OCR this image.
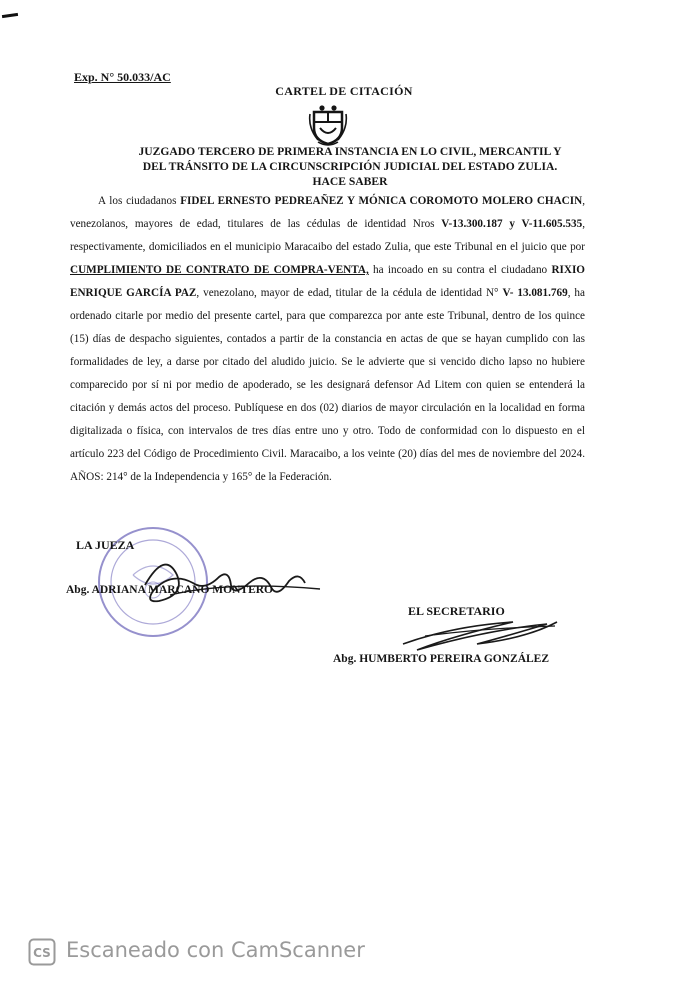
Exp. N° 50.033/AC
CARTEL DE CITACIÓN
JUZGADO TERCERO DE PRIMERA INSTANCIA EN LO CIVIL, MERCANTIL Y
DEL TRÁNSITO DE LA CIRCUNSCRIPCIÓN JUDICIAL DEL ESTADO ZULIA.
HACE SABER
A los ciudadanos FIDEL ERNESTO PEDREAÑEZ Y MÓNICA COROMOTO MOLERO CHACIN, venezolanos, mayores de edad, titulares de las cédulas de identidad Nros V-13.300.187 y V-11.605.535, respectivamente, domiciliados en el municipio Maracaibo del estado Zulia, que este Tribunal en el juicio que por CUMPLIMIENTO DE CONTRATO DE COMPRA-VENTA, ha incoado en su contra el ciudadano RIXIO ENRIQUE GARCÍA PAZ, venezolano, mayor de edad, titular de la cédula de identidad N° V- 13.081.769, ha ordenado citarle por medio del presente cartel, para que comparezca por ante este Tribunal, dentro de los quince (15) días de despacho siguientes, contados a partir de la constancia en actas de que se hayan cumplido con las formalidades de ley, a darse por citado del aludido juicio. Se le advierte que si vencido dicho lapso no hubiere comparecido por sí ni por medio de apoderado, se les designará defensor Ad Litem con quien se entenderá la citación y demás actos del proceso. Publíquese en dos (02) diarios de mayor circulación en la localidad en forma digitalizada o física, con intervalos de tres días entre uno y otro. Todo de conformidad con lo dispuesto en el artículo 223 del Código de Procedimiento Civil. Maracaibo, a los veinte (20) días del mes de noviembre del 2024. AÑOS: 214° de la Independencia y 165° de la Federación.
LA JUEZA
Abg. ADRIANA MARCANO MONTERO
EL SECRETARIO
Abg. HUMBERTO PEREIRA GONZÁLEZ
CS Escaneado con CamScanner
